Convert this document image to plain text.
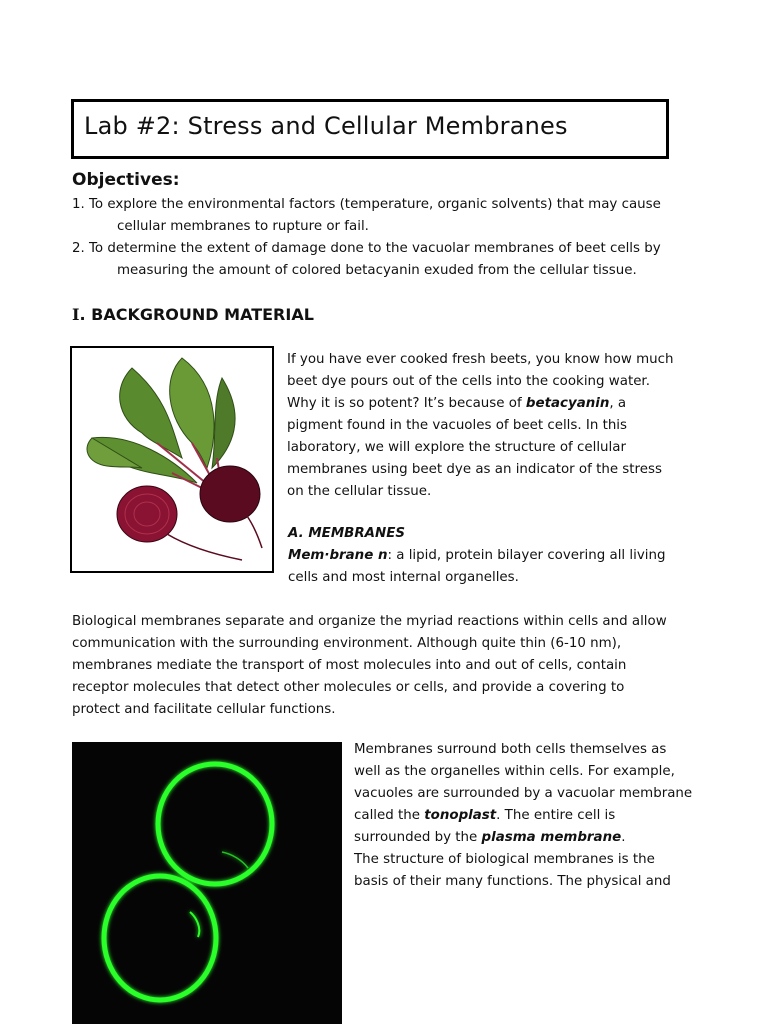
Lab #2: Stress and Cellular Membranes
Objectives:
1. To explore the environmental factors (temperature, organic solvents) that may cause
cellular membranes to rupture or fail.
2. To determine the extent of damage done to the vacuolar membranes of beet cells by
measuring the amount of colored betacyanin exuded from the cellular tissue.
I. BACKGROUND MATERIAL
If you have ever cooked fresh beets, you know how much
beet dye pours out of the cells into the cooking water.
Why it is so potent? It’s because of betacyanin, a
pigment found in the vacuoles of beet cells. In this
laboratory, we will explore the structure of cellular
membranes using beet dye as an indicator of the stress
on the cellular tissue.
A. MEMBRANES
Mem·brane n: a lipid, protein bilayer covering all living
cells and most internal organelles.
Biological membranes separate and organize the myriad reactions within cells and allow
communication with the surrounding environment. Although quite thin (6-10 nm),
membranes mediate the transport of most molecules into and out of cells, contain
receptor molecules that detect other molecules or cells, and provide a covering to
protect and facilitate cellular functions.
Membranes surround both cells themselves as
well as the organelles within cells. For example,
vacuoles are surrounded by a vacuolar membrane
called the tonoplast. The entire cell is
surrounded by the plasma membrane.
The structure of biological membranes is the
basis of their many functions. The physical and
